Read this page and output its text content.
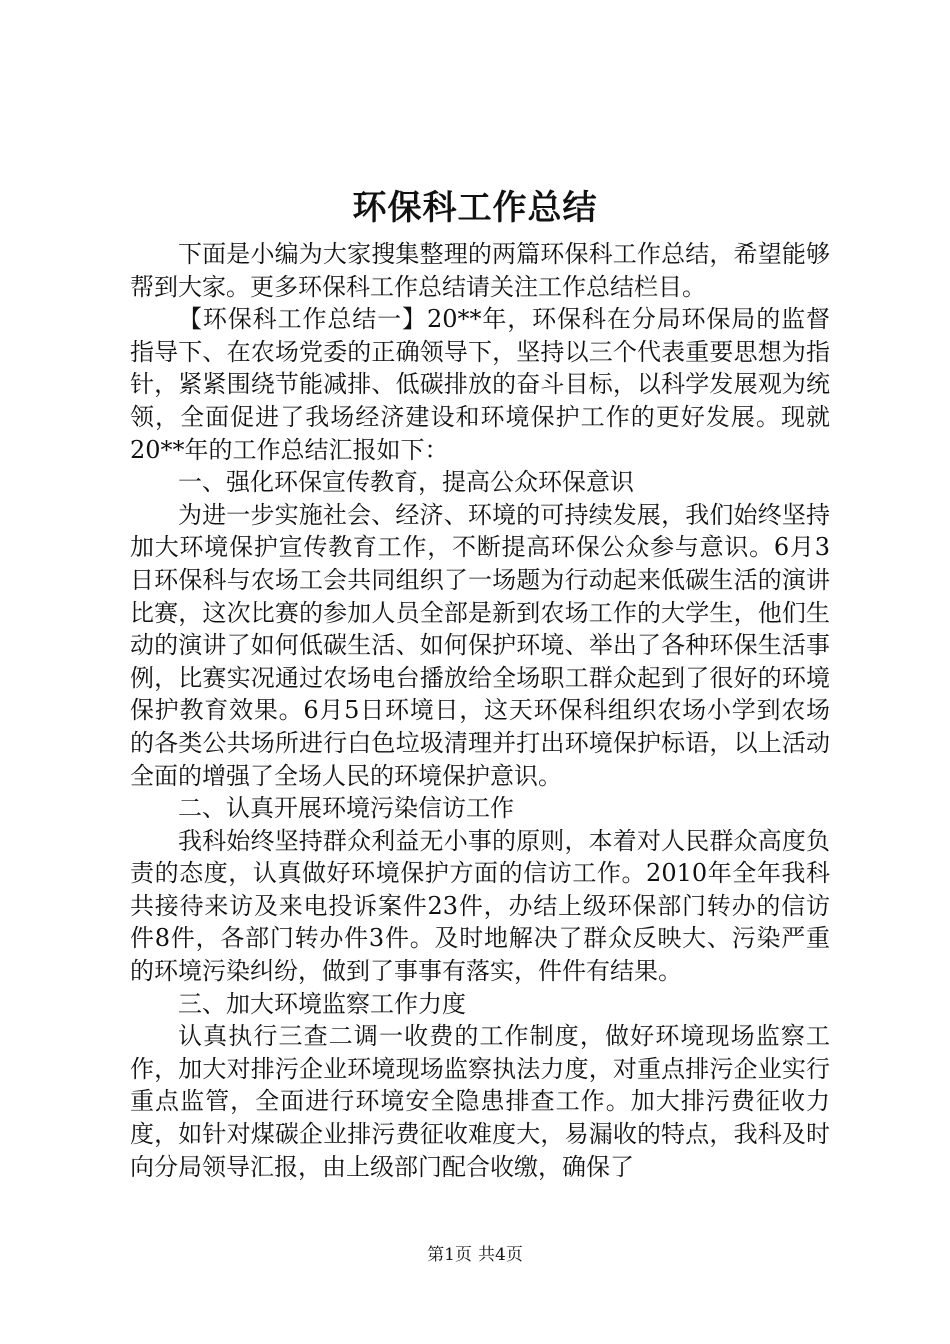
环保科工作总结

下面是小编为大家搜集整理的两篇环保科工作总结，希望能够帮到大家。更多环保科工作总结请关注工作总结栏目。

【环保科工作总结一】20**年，环保科在分局环保局的监督指导下、在农场党委的正确领导下，坚持以三个代表重要思想为指针，紧紧围绕节能减排、低碳排放的奋斗目标，以科学发展观为统领，全面促进了我场经济建设和环境保护工作的更好发展。现就20**年的工作总结汇报如下：

一、强化环保宣传教育，提高公众环保意识

为进一步实施社会、经济、环境的可持续发展，我们始终坚持加大环境保护宣传教育工作，不断提高环保公众参与意识。6月3日环保科与农场工会共同组织了一场题为行动起来低碳生活的演讲比赛，这次比赛的参加人员全部是新到农场工作的大学生，他们生动的演讲了如何低碳生活、如何保护环境、举出了各种环保生活事例，比赛实况通过农场电台播放给全场职工群众起到了很好的环境保护教育效果。6月5日环境日，这天环保科组织农场小学到农场的各类公共场所进行白色垃圾清理并打出环境保护标语，以上活动全面的增强了全场人民的环境保护意识。

二、认真开展环境污染信访工作

我科始终坚持群众利益无小事的原则，本着对人民群众高度负责的态度，认真做好环境保护方面的信访工作。2010年全年我科共接待来访及来电投诉案件23件，办结上级环保部门转办的信访件8件，各部门转办件3件。及时地解决了群众反映大、污染严重的环境污染纠纷，做到了事事有落实，件件有结果。

三、加大环境监察工作力度

认真执行三查二调一收费的工作制度，做好环境现场监察工作，加大对排污企业环境现场监察执法力度，对重点排污企业实行重点监管，全面进行环境安全隐患排查工作。加大排污费征收力度，如针对煤碳企业排污费征收难度大，易漏收的特点，我科及时向分局领导汇报，由上级部门配合收缴，确保了

第1页 共4页
